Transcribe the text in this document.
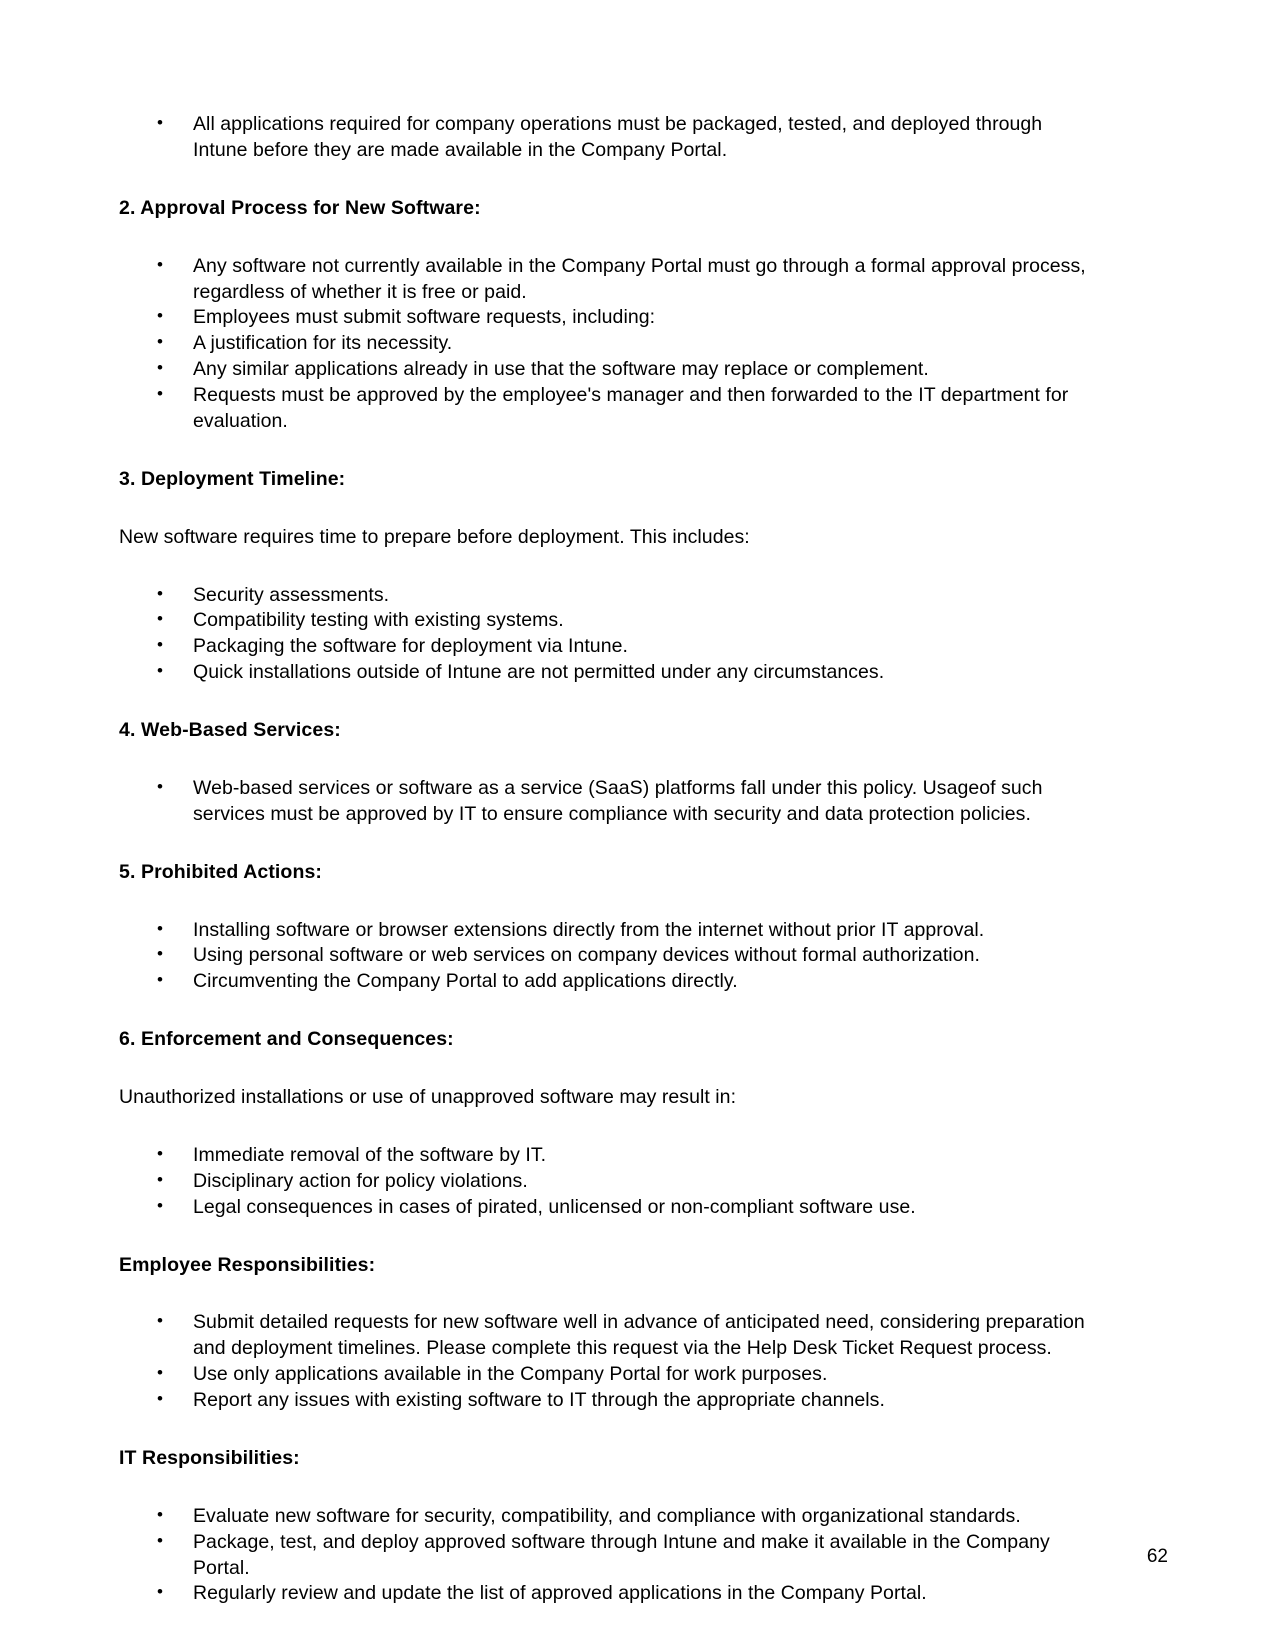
• All applications required for company operations must be packaged, tested, and deployed through Intune before they are made available in the Company Portal.
2. Approval Process for New Software:
• Any software not currently available in the Company Portal must go through a formal approval process, regardless of whether it is free or paid.
• Employees must submit software requests, including:
• A justification for its necessity.
• Any similar applications already in use that the software may replace or complement.
• Requests must be approved by the employee's manager and then forwarded to the IT department for evaluation.
3. Deployment Timeline:

New software requires time to prepare before deployment. This includes:

• Security assessments.
• Compatibility testing with existing systems.
• Packaging the software for deployment via Intune.
• Quick installations outside of Intune are not permitted under any circumstances.
4. Web-Based Services:
• Web-based services or software as a service (SaaS) platforms fall under this policy. Usageof such services must be approved by IT to ensure compliance with security and data protection policies.
5. Prohibited Actions:
• Installing software or browser extensions directly from the internet without prior IT approval.
• Using personal software or web services on company devices without formal authorization.
• Circumventing the Company Portal to add applications directly.
6. Enforcement and Consequences:

Unauthorized installations or use of unapproved software may result in:

• Immediate removal of the software by IT.
• Disciplinary action for policy violations.
• Legal consequences in cases of pirated, unlicensed or non-compliant software use.
Employee Responsibilities:
• Submit detailed requests for new software well in advance of anticipated need, considering preparation and deployment timelines. Please complete this request via the Help Desk Ticket Request process.
• Use only applications available in the Company Portal for work purposes.
• Report any issues with existing software to IT through the appropriate channels.
IT Responsibilities:
• Evaluate new software for security, compatibility, and compliance with organizational standards.
• Package, test, and deploy approved software through Intune and make it available in the Company Portal.
• Regularly review and update the list of approved applications in the Company Portal.
62
